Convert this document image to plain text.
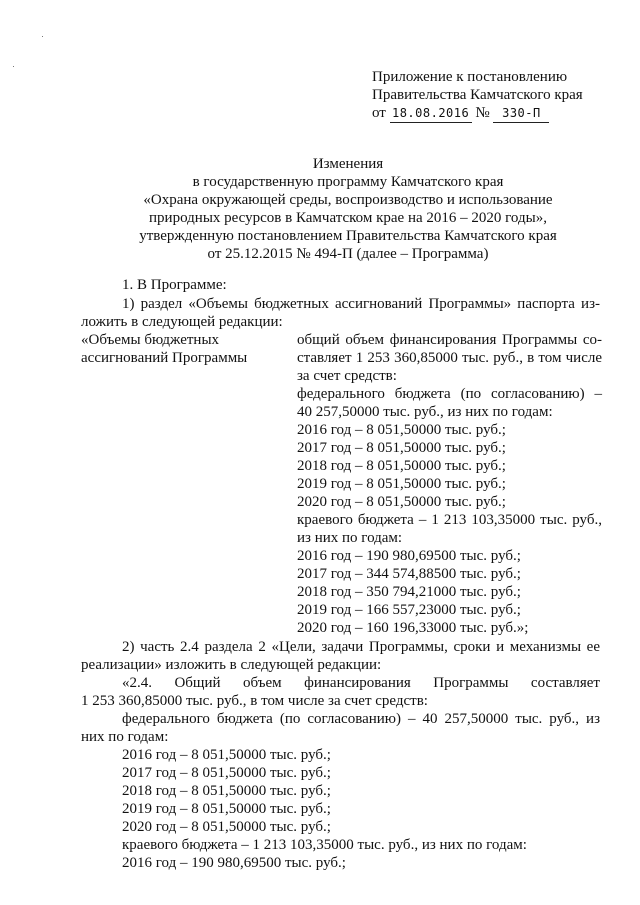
Приложение к постановлению
Правительства Камчатского края
от 18.08.2016 № 330-П
Изменения
в государственную программу Камчатского края
«Охрана окружающей среды, воспроизводство и использование
природных ресурсов в Камчатском крае на 2016 – 2020 годы»,
утвержденную постановлением Правительства Камчатского края
от 25.12.2015 № 494-П (далее – Программа)
1. В Программе:
1) раздел «Объемы бюджетных ассигнований Программы» паспорта из-
ложить в следующей редакции:
«Объемы бюджетных
ассигнований Программы
общий объем финансирования Программы со-
ставляет 1 253 360,85000 тыс. руб., в том числе
за счет средств:
федерального бюджета (по согласованию) –
40 257,50000 тыс. руб., из них по годам:
2016 год – 8 051,50000 тыс. руб.;
2017 год – 8 051,50000 тыс. руб.;
2018 год – 8 051,50000 тыс. руб.;
2019 год – 8 051,50000 тыс. руб.;
2020 год – 8 051,50000 тыс. руб.;
краевого бюджета – 1 213 103,35000 тыс. руб.,
из них по годам:
2016 год – 190 980,69500 тыс. руб.;
2017 год – 344 574,88500 тыс. руб.;
2018 год – 350 794,21000 тыс. руб.;
2019 год – 166 557,23000 тыс. руб.;
2020 год – 160 196,33000 тыс. руб.»;
2) часть 2.4 раздела 2 «Цели, задачи Программы, сроки и механизмы ее
реализации» изложить в следующей редакции:
«2.4. Общий объем финансирования Программы составляет
1 253 360,85000 тыс. руб., в том числе за счет средств:
федерального бюджета (по согласованию) – 40 257,50000 тыс. руб., из
них по годам:
2016 год – 8 051,50000 тыс. руб.;
2017 год – 8 051,50000 тыс. руб.;
2018 год – 8 051,50000 тыс. руб.;
2019 год – 8 051,50000 тыс. руб.;
2020 год – 8 051,50000 тыс. руб.;
краевого бюджета – 1 213 103,35000 тыс. руб., из них по годам:
2016 год – 190 980,69500 тыс. руб.;
